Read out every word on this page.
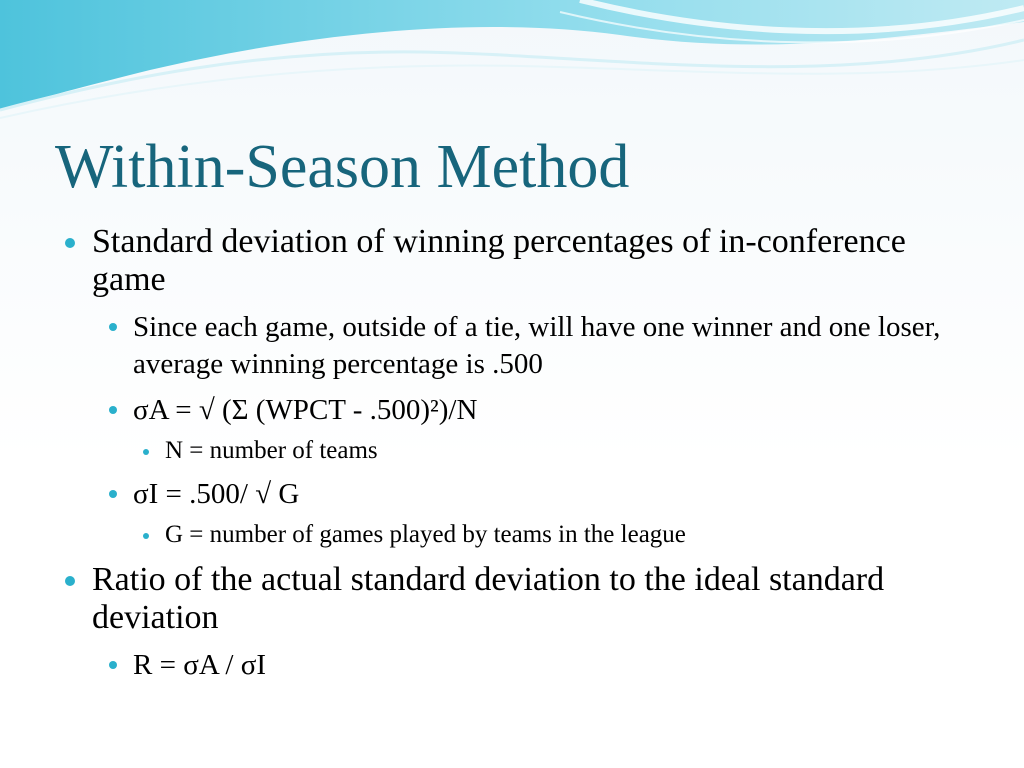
Within-Season Method
Standard deviation of winning percentages of in-conference game
Since each game, outside of a tie, will have one winner and one loser, average winning percentage is .500
σA = √ (Σ (WPCT - .500)²)/N
N = number of teams
σI = .500/ √ G
G = number of games played by teams in the league
Ratio of the actual standard deviation to the ideal standard deviation
R = σA / σI
